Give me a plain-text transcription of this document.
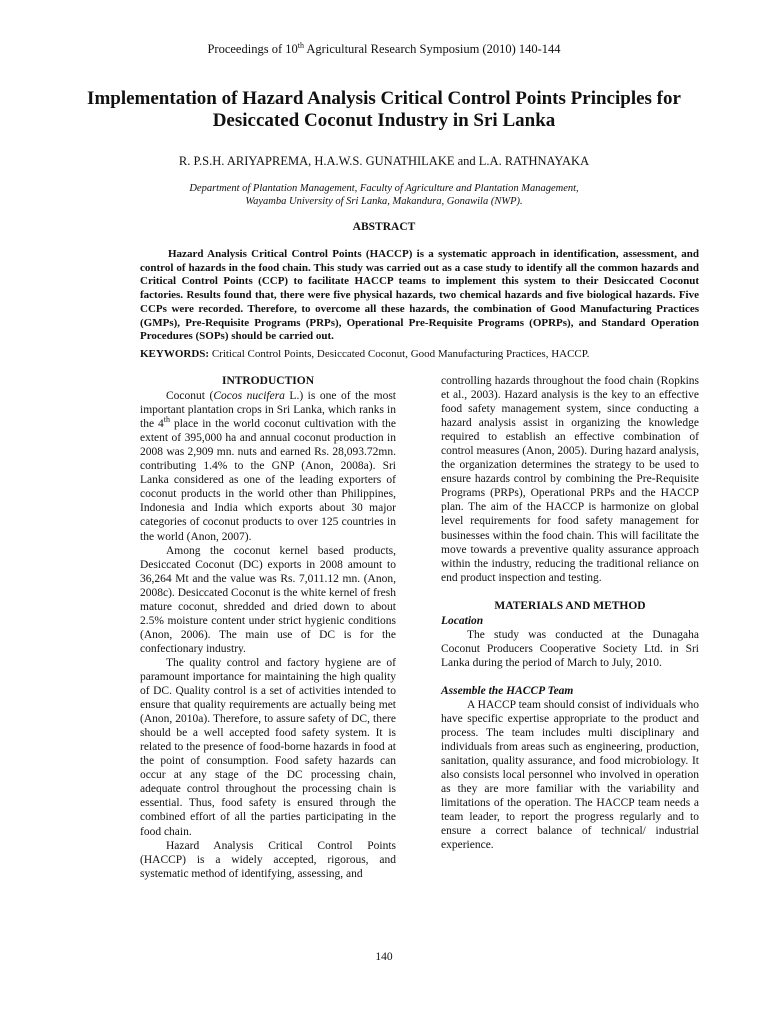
Proceedings of 10th Agricultural Research Symposium (2010) 140-144
Implementation of Hazard Analysis Critical Control Points Principles for Desiccated Coconut Industry in Sri Lanka
R. P.S.H. ARIYAPREMA, H.A.W.S. GUNATHILAKE and L.A. RATHNAYAKA
Department of Plantation Management, Faculty of Agriculture and Plantation Management,
Wayamba University of Sri Lanka, Makandura, Gonawila (NWP).
ABSTRACT

Hazard Analysis Critical Control Points (HACCP) is a systematic approach in identification, assessment, and control of hazards in the food chain. This study was carried out as a case study to identify all the common hazards and Critical Control Points (CCP) to facilitate HACCP teams to implement this system to their Desiccated Coconut factories. Results found that, there were five physical hazards, two chemical hazards and five biological hazards. Five CCPs were recorded. Therefore, to overcome all these hazards, the combination of Good Manufacturing Practices (GMPs), Pre-Requisite Programs (PRPs), Operational Pre-Requisite Programs (OPRPs), and Standard Operation Procedures (SOPs) should be carried out.

KEYWORDS: Critical Control Points, Desiccated Coconut, Good Manufacturing Practices, HACCP.

INTRODUCTION

Coconut (Cocos nucifera L.) is one of the most important plantation crops in Sri Lanka, which ranks in the 4th place in the world coconut cultivation with the extent of 395,000 ha and annual coconut production in 2008 was 2,909 mn. nuts and earned Rs. 28,093.72mn. contributing 1.4% to the GNP (Anon, 2008a). Sri Lanka considered as one of the leading exporters of coconut products in the world other than Philippines, Indonesia and India which exports about 30 major categories of coconut products to over 125 countries in the world (Anon, 2007).

Among the coconut kernel based products, Desiccated Coconut (DC) exports in 2008 amount to 36,264 Mt and the value was Rs. 7,011.12 mn. (Anon, 2008c). Desiccated Coconut is the white kernel of fresh mature coconut, shredded and dried down to about 2.5% moisture content under strict hygienic conditions (Anon, 2006). The main use of DC is for the confectionary industry.

The quality control and factory hygiene are of paramount importance for maintaining the high quality of DC. Quality control is a set of activities intended to ensure that quality requirements are actually being met (Anon, 2010a). Therefore, to assure safety of DC, there should be a well accepted food safety system. It is related to the presence of food-borne hazards in food at the point of consumption. Food safety hazards can occur at any stage of the DC processing chain, adequate control throughout the processing chain is essential. Thus, food safety is ensured through the combined effort of all the parties participating in the food chain.

Hazard Analysis Critical Control Points (HACCP) is a widely accepted, rigorous, and systematic method of identifying, assessing, and

controlling hazards throughout the food chain (Ropkins et al., 2003). Hazard analysis is the key to an effective food safety management system, since conducting a hazard analysis assist in organizing the knowledge required to establish an effective combination of control measures (Anon, 2005). During hazard analysis, the organization determines the strategy to be used to ensure hazards control by combining the Pre-Requisite Programs (PRPs), Operational PRPs and the HACCP plan. The aim of the HACCP is harmonize on global level requirements for food safety management for businesses within the food chain. This will facilitate the move towards a preventive quality assurance approach within the industry, reducing the traditional reliance on end product inspection and testing.

MATERIALS AND METHOD
Location

The study was conducted at the Dunagaha Coconut Producers Cooperative Society Ltd. in Sri Lanka during the period of March to July, 2010.

Assemble the HACCP Team

A HACCP team should consist of individuals who have specific expertise appropriate to the product and process. The team includes multi disciplinary and individuals from areas such as engineering, production, sanitation, quality assurance, and food microbiology. It also consists local personnel who involved in operation as they are more familiar with the variability and limitations of the operation. The HACCP team needs a team leader, to report the progress regularly and to ensure a correct balance of technical/ industrial experience.

140
